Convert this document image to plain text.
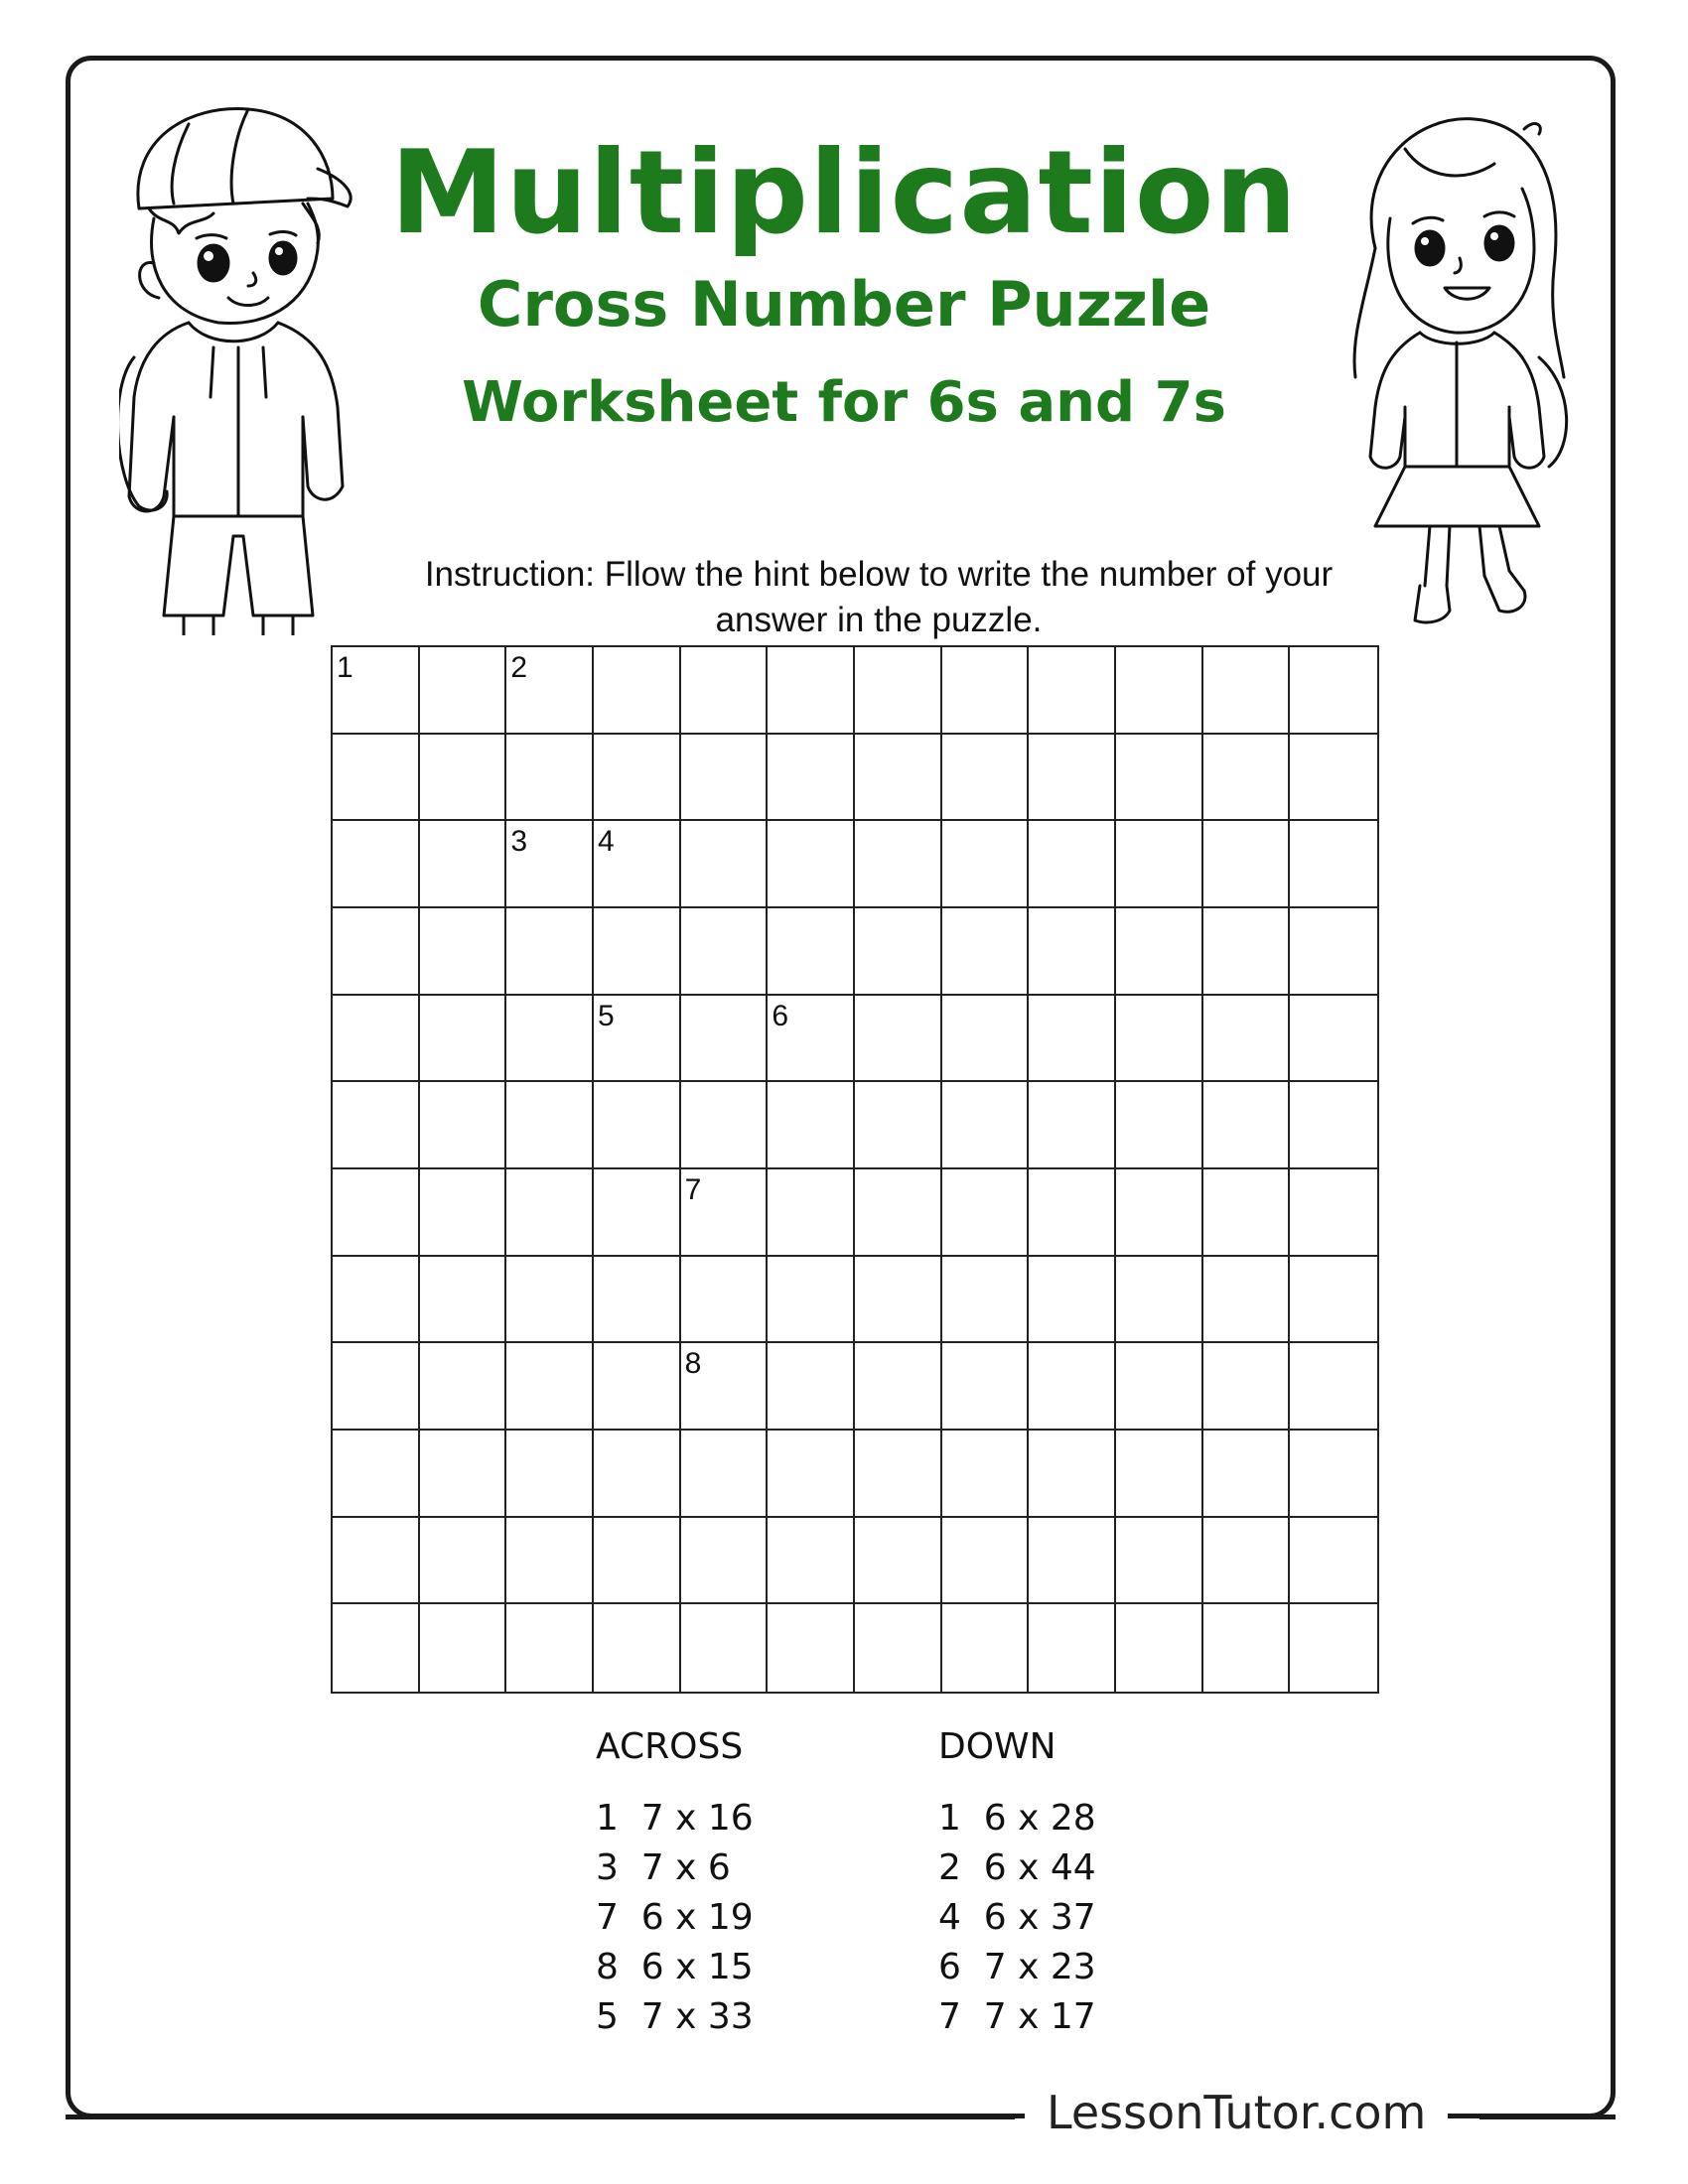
Multiplication
Cross Number Puzzle
Worksheet for 6s and 7s
Instruction: Fllow the hint below to write the number of your
answer in the puzzle.
1	2
3 4
5	6
7
8
ACROSS
1  7 x 16
3  7 x 6
7  6 x 19
8  6 x 15
5  7 x 33
DOWN
1  6 x 28
2  6 x 44
4  6 x 37
6  7 x 23
7  7 x 17
LessonTutor.com
